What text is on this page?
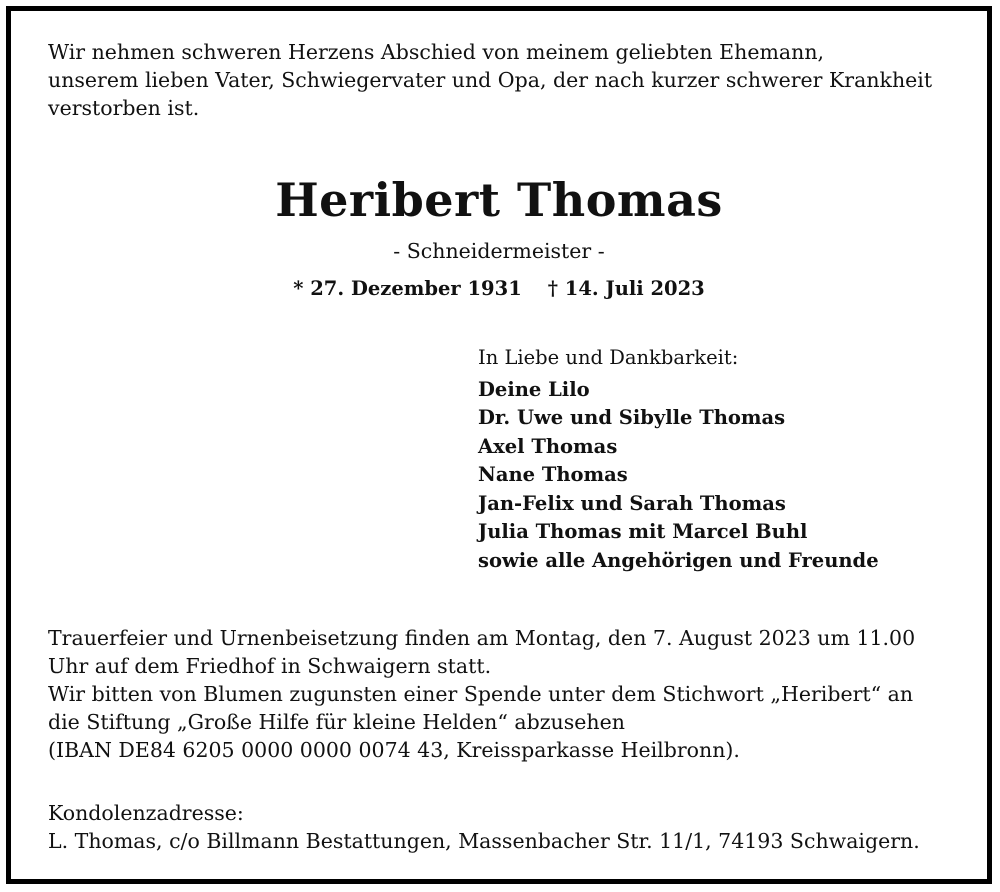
Wir nehmen schweren Herzens Abschied von meinem geliebten Ehemann,
unserem lieben Vater, Schwiegervater und Opa, der nach kurzer schwerer Krankheit
verstorben ist.
Heribert Thomas
- Schneidermeister -
* 27. Dezember 1931 † 14. Juli 2023
In Liebe und Dankbarkeit:
Deine Lilo
Dr. Uwe und Sibylle Thomas
Axel Thomas
Nane Thomas
Jan-Felix und Sarah Thomas
Julia Thomas mit Marcel Buhl
sowie alle Angehörigen und Freunde
Trauerfeier und Urnenbeisetzung finden am Montag, den 7. August 2023 um 11.00
Uhr auf dem Friedhof in Schwaigern statt.
Wir bitten von Blumen zugunsten einer Spende unter dem Stichwort „Heribert“ an
die Stiftung „Große Hilfe für kleine Helden“ abzusehen
(IBAN DE84 6205 0000 0000 0074 43, Kreissparkasse Heilbronn).
Kondolenzadresse:
L. Thomas, c/o Billmann Bestattungen, Massenbacher Str. 11/1, 74193 Schwaigern.
